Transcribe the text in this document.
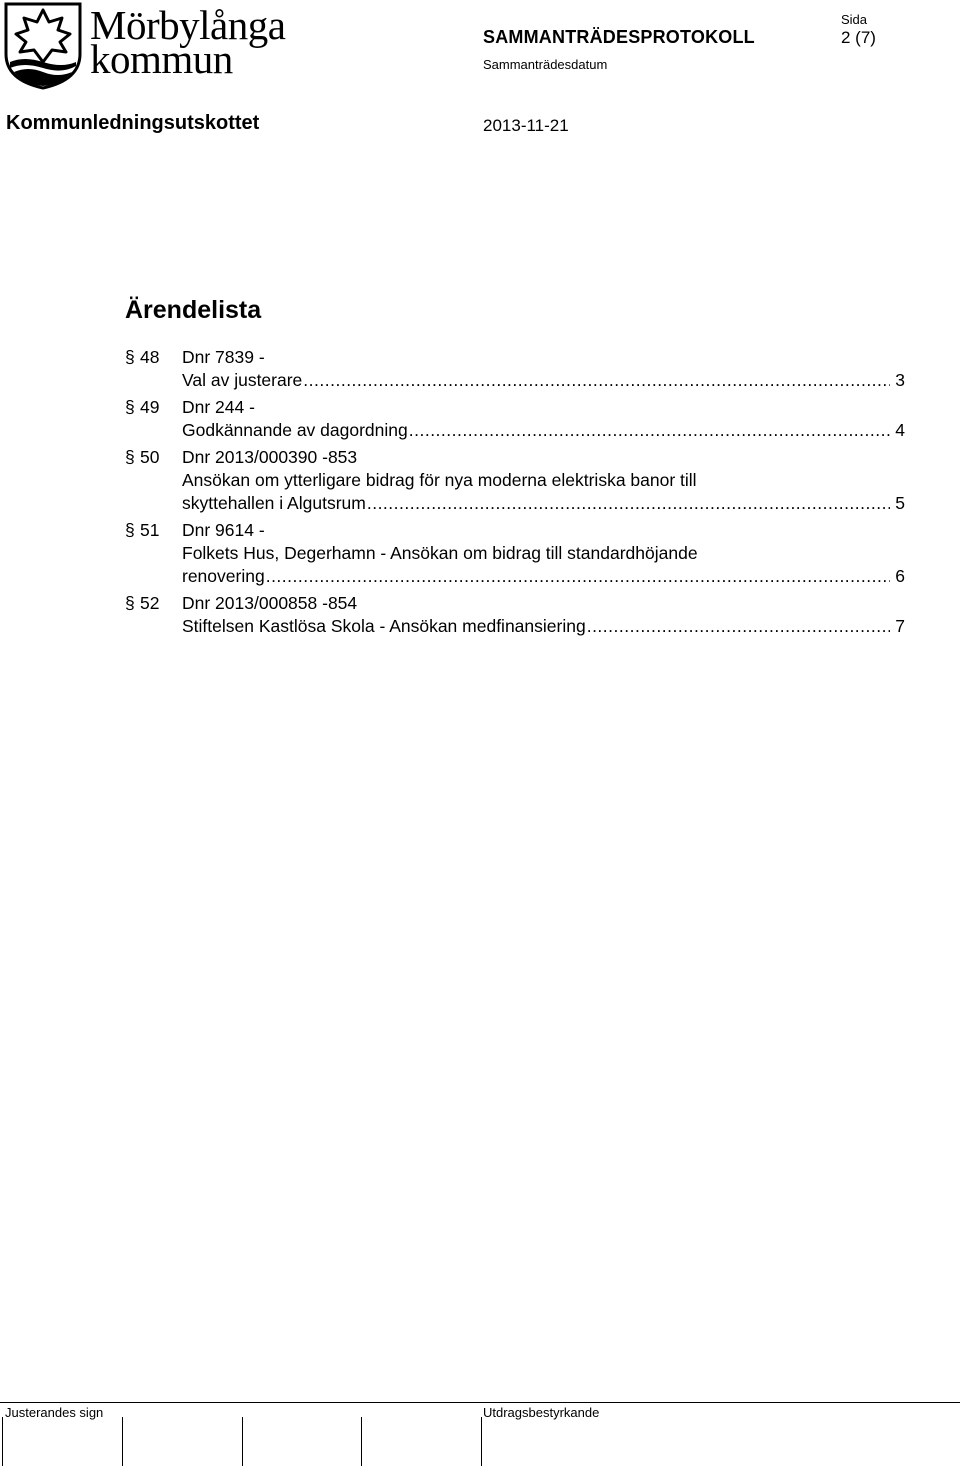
Mörbylånga
kommun	SAMMANTRÄDESPROTOKOLL
Sida
2 (7)
Sammanträdesdatum
Kommunledningsutskottet	2013-11-21
Ärendelista
§ 48 Dnr 7839 -
Val av justerare .....	3
§ 49 Dnr 244 -
Godkännande av dagordning .....	4
§ 50 Dnr 2013/000390 -853
Ansökan om ytterligare bidrag för nya moderna elektriska banor till
skyttehallen i Algutsrum .....	5
§ 51 Dnr 9614 -
Folkets Hus, Degerhamn - Ansökan om bidrag till standardhöjande
renovering .....	6
§ 52 Dnr 2013/000858 -854
Stiftelsen Kastlösa Skola - Ansökan medfinansiering .....	7
Justerandes sign	Utdragsbestyrkande
